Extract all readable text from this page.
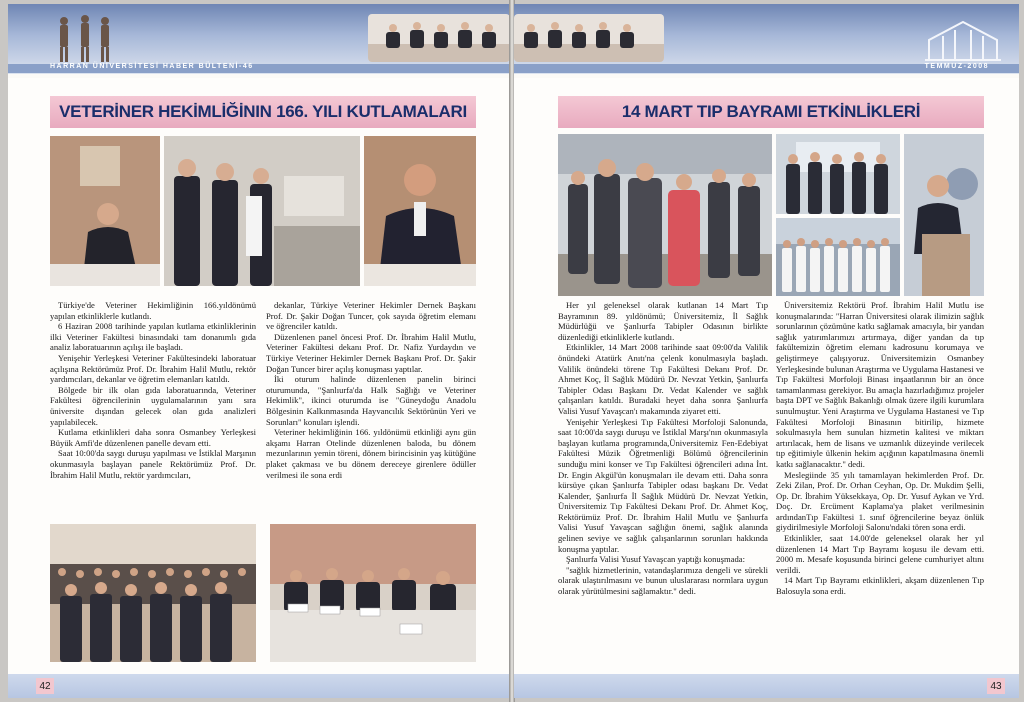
HARRAN ÜNİVERSİTESİ HABER BÜLTENİ-46
VETERİNER HEKİMLİĞİNIN 166. YILI KUTLAMALARI

Türkiye'de Veteriner Hekimliğinin 166.yıldönümü yapılan etkinliklerle kutlandı.

6 Haziran 2008 tarihinde yapılan kutlama etkinliklerinin ilki Veteriner Fakültesi binasındaki tam donanımlı gıda analiz laboratuarının açılışı ile başladı.

Yenişehir Yerleşkesi Veteriner Fakültesindeki laboratuar açılışına Rektörümüz Prof. Dr. İbrahim Halil Mutlu, rektör yardımcıları, dekanlar ve öğretim elemanları katıldı.

Bölgede bir ilk olan gıda laboratuarında, Veteriner Fakültesi öğrencilerinin uygulamalarının yanı sıra üniversite dışından gelecek olan gıda analizleri yapılabilecek.

Kutlama etkinlikleri daha sonra Osmanbey Yerleşkesi Büyük Amfi'de düzenlenen panelle devam etti.

Saat 10:00'da saygı duruşu yapılması ve İstiklal Marşının okunmasıyla başlayan panele Rektörümüz Prof. Dr. İbrahim Halil Mutlu, rektör yardımcıları,

dekanlar, Türkiye Veteriner Hekimler Dernek Başkanı Prof. Dr. Şakir Doğan Tuncer, çok sayıda öğretim elemanı ve öğrenciler katıldı.

Düzenlenen panel öncesi Prof. Dr. İbrahim Halil Mutlu, Veteriner Fakültesi dekanı Prof. Dr. Nafiz Yurdaydın ve Türkiye Veteriner Hekimler Dernek Başkanı Prof. Dr. Şakir Doğan Tuncer birer açılış konuşması yaptılar.

İki oturum halinde düzenlenen panelin birinci oturumunda, "Şanlıurfa'da Halk Sağlığı ve Veteriner Hekimlik", ikinci oturumda ise "Güneydoğu Anadolu Bölgesinin Kalkınmasında Hayvancılık Sektörünün Yeri ve Sorunları" konuları işlendi.

Veteriner hekimliğinin 166. yıldönümü etkinliği aynı gün akşamı Harran Otelinde düzenlenen baloda, bu dönem mezunlarının yemin töreni, dönem birincisinin yaş kütüğüne plaket çakması ve bu dönem dereceye girenlere ödüller verilmesi ile sona erdi

42
TEMMUZ-2008
14 MART TIP BAYRAMI ETKİNLİKLERİ

Her yıl geleneksel olarak kutlanan 14 Mart Tıp Bayramının 89. yıldönümü; Üniversitemiz, İl Sağlık Müdürlüğü ve Şanlıurfa Tabipler Odasının birlikte düzenlediği etkinliklerle kutlandı.

Etkinlikler, 14 Mart 2008 tarihinde saat 09:00'da Valilik önündeki Atatürk Anıtı'na çelenk konulmasıyla başladı. Valilik önündeki törene Tıp Fakültesi Dekanı Prof. Dr. Ahmet Koç, İl Sağlık Müdürü Dr. Nevzat Yetkin, Şanlıurfa Tabipler Odası Başkanı Dr. Vedat Kalender ve sağlık çalışanları katıldı. Buradaki heyet daha sonra Şanlıurfa Valisi Yusuf Yavaşcan'ı makamında ziyaret etti.

Yenişehir Yerleşkesi Tıp Fakültesi Morfoloji Salonunda, saat 10:00'da saygı duruşu ve İstiklal Marşı'nın okunmasıyla başlayan kutlama programında,Üniversitemiz Fen-Edebiyat Fakültesi Müzik Öğretmenliği Bölümü öğrencilerinin sunduğu mini konser ve Tıp Fakültesi öğrencileri adına İnt. Dr. Engin Akgül'ün konuşmaları ile devam etti. Daha sonra kürsüye çıkan Şanlıurfa Tabipler odası başkanı Dr. Vedat Kalender, Şanlıurfa İl Sağlık Müdürü Dr. Nevzat Yetkin, Üniversitemiz Tıp Fakültesi Dekanı Prof. Dr. Ahmet Koç, Rektörümüz Prof. Dr. İbrahim Halil Mutlu ve Şanlıurfa Valisi Yusuf Yavaşcan sağlığın önemi, sağlık alanında gelinen seviye ve sağlık çalışanlarının sorunları hakkında konuşma yaptılar.

Şanlıurfa Valisi Yusuf Yavaşcan yaptığı konuşmada:

"sağlık hizmetlerinin, vatandaşlarımıza dengeli ve sürekli olarak ulaştırılmasını ve bunun uluslararası normlara uygun olarak yürütülmesini sağlamaktır." dedi.

Üniversitemiz Rektörü Prof. İbrahim Halil Mutlu ise konuşmalarında: "Harran Üniversitesi olarak ilimizin sağlık sorunlarının çözümüne katkı sağlamak amacıyla, bir yandan sağlık yatırımlarımızı artırmaya, diğer yandan da tıp fakültemizin öğretim elemanı kadrosunu korumaya ve geliştirmeye çalışıyoruz. Üniversitemizin Osmanbey Yerleşkesinde bulunan Araştırma ve Uygulama Hastanesi ve Tıp Fakültesi Morfoloji Binası inşaatlarının bir an önce tamamlanması gerekiyor. Bu amaçla hazırladığımız projeler başta DPT ve Sağlık Bakanlığı olmak üzere ilgili kurumlara sunulmuştur. Yeni Araştırma ve Uygulama Hastanesi ve Tıp Fakültesi Morfoloji Binasının bitirilip, hizmete sokulmasıyla hem sunulan hizmetin kalitesi ve miktarı artırılacak, hem de lisans ve uzmanlık düzeyinde verilecek tıp eğitimiyle ülkenin hekim açığının kapatılmasına önemli katkı sağlanacaktır." dedi.

Meslegiinde 35 yılı tamamlayan hekimlerden Prof. Dr. Zeki Zilan, Prof. Dr. Orhan Ceyhan, Op. Dr. Mukdim Şelli, Op. Dr. İbrahim Yüksekkaya, Op. Dr. Yusuf Aykan ve Yrd. Doç. Dr. Ercüment Kaplama'ya plaket verilmesinin ardındanTıp Fakültesi 1. sınıf öğrencilerine beyaz önlük giydirilmesiyle Morfoloji Salonu'ndaki tören sona erdi.

Etkinlikler, saat 14.00'de geleneksel olarak her yıl düzenlenen 14 Mart Tıp Bayramı koşusu ile devam etti. 2000 m. Mesafe koşusunda birinci gelene cumhuriyet altını verildi.

14 Mart Tıp Bayramı etkinlikleri, akşam düzenlenen Tıp Balosuyla sona erdi.

43
